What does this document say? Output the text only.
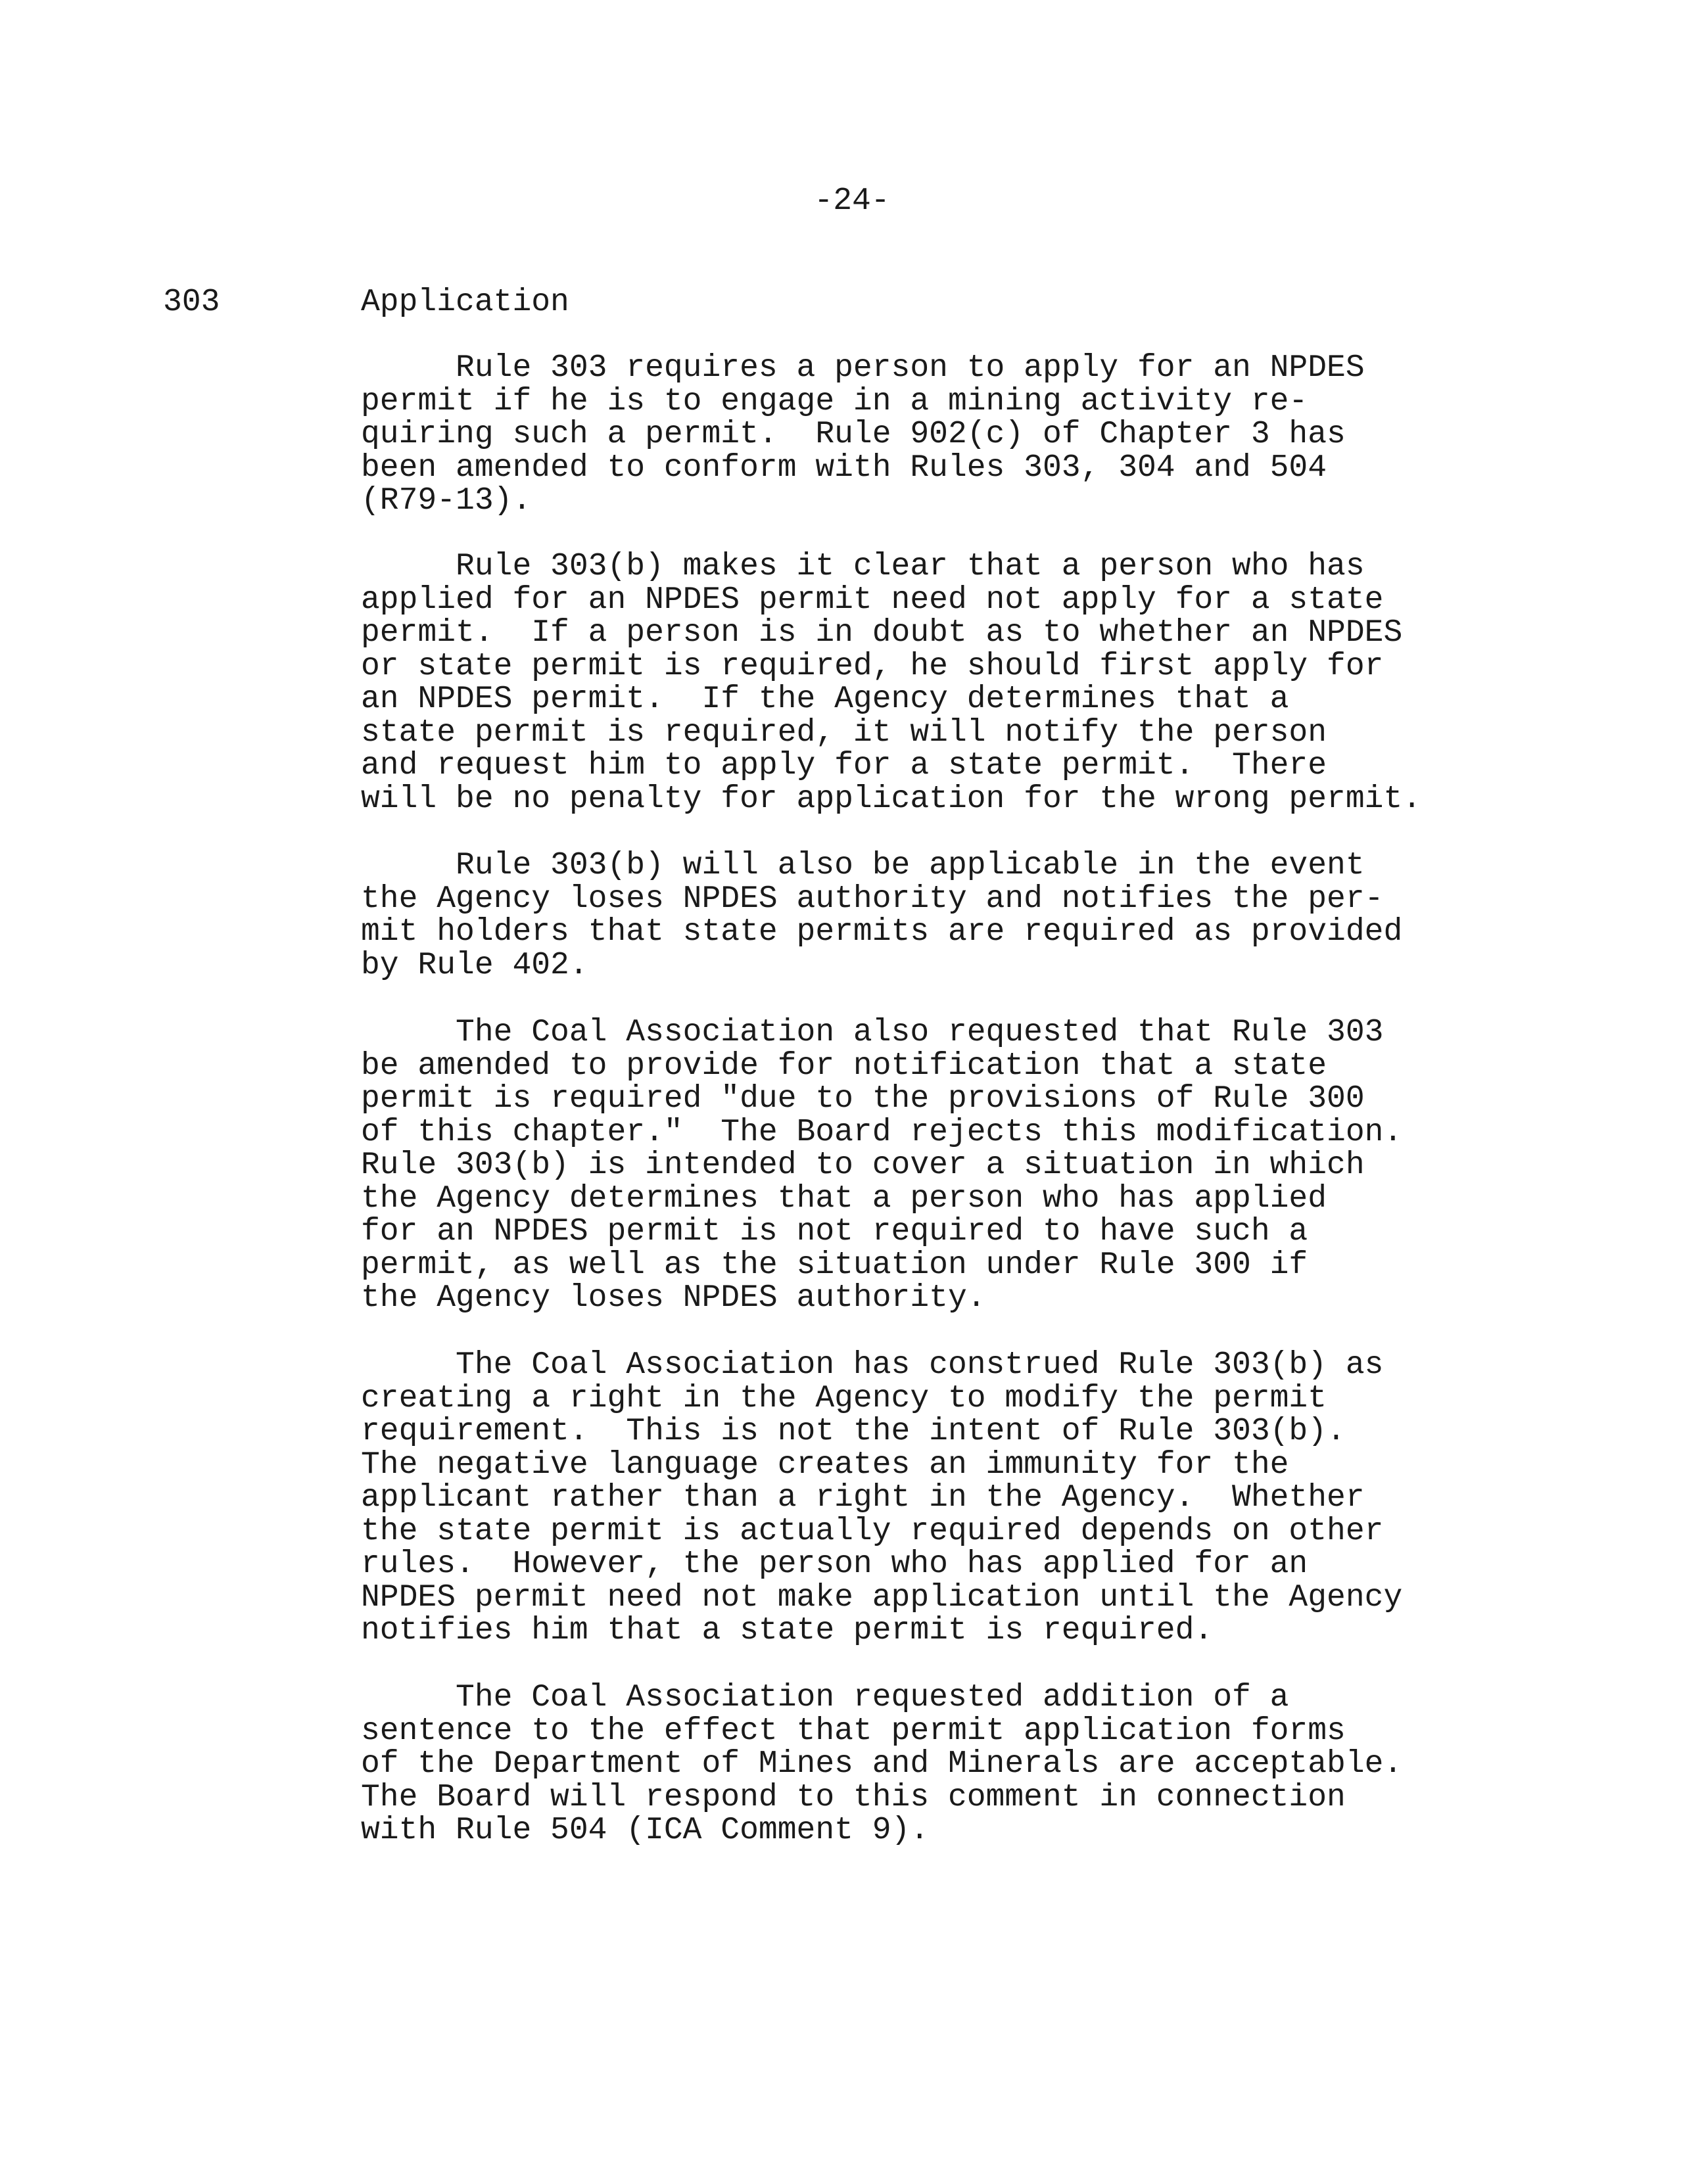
-24-
303	Application

Rule 303 requires a person to apply for an NPDES
permit if he is to engage in a mining activity re-
quiring such a permit.  Rule 902(c) of Chapter 3 has
been amended to conform with Rules 303, 304 and 504
(R79-13).

Rule 303(b) makes it clear that a person who has
applied for an NPDES permit need not apply for a state
permit.  If a person is in doubt as to whether an NPDES
or state permit is required, he should first apply for
an NPDES permit.  If the Agency determines that a
state permit is required, it will notify the person
and request him to apply for a state permit.  There
will be no penalty for application for the wrong permit.

Rule 303(b) will also be applicable in the event
the Agency loses NPDES authority and notifies the per-
mit holders that state permits are required as provided
by Rule 402.

The Coal Association also requested that Rule 303
be amended to provide for notification that a state
permit is required "due to the provisions of Rule 300
of this chapter."  The Board rejects this modification.
Rule 303(b) is intended to cover a situation in which
the Agency determines that a person who has applied
for an NPDES permit is not required to have such a
permit, as well as the situation under Rule 300 if
the Agency loses NPDES authority.

The Coal Association has construed Rule 303(b) as
creating a right in the Agency to modify the permit
requirement.  This is not the intent of Rule 303(b).
The negative language creates an immunity for the
applicant rather than a right in the Agency.  Whether
the state permit is actually required depends on other
rules.  However, the person who has applied for an
NPDES permit need not make application until the Agency
notifies him that a state permit is required.

The Coal Association requested addition of a
sentence to the effect that permit application forms
of the Department of Mines and Minerals are acceptable.
The Board will respond to this comment in connection
with Rule 504 (ICA Comment 9).
